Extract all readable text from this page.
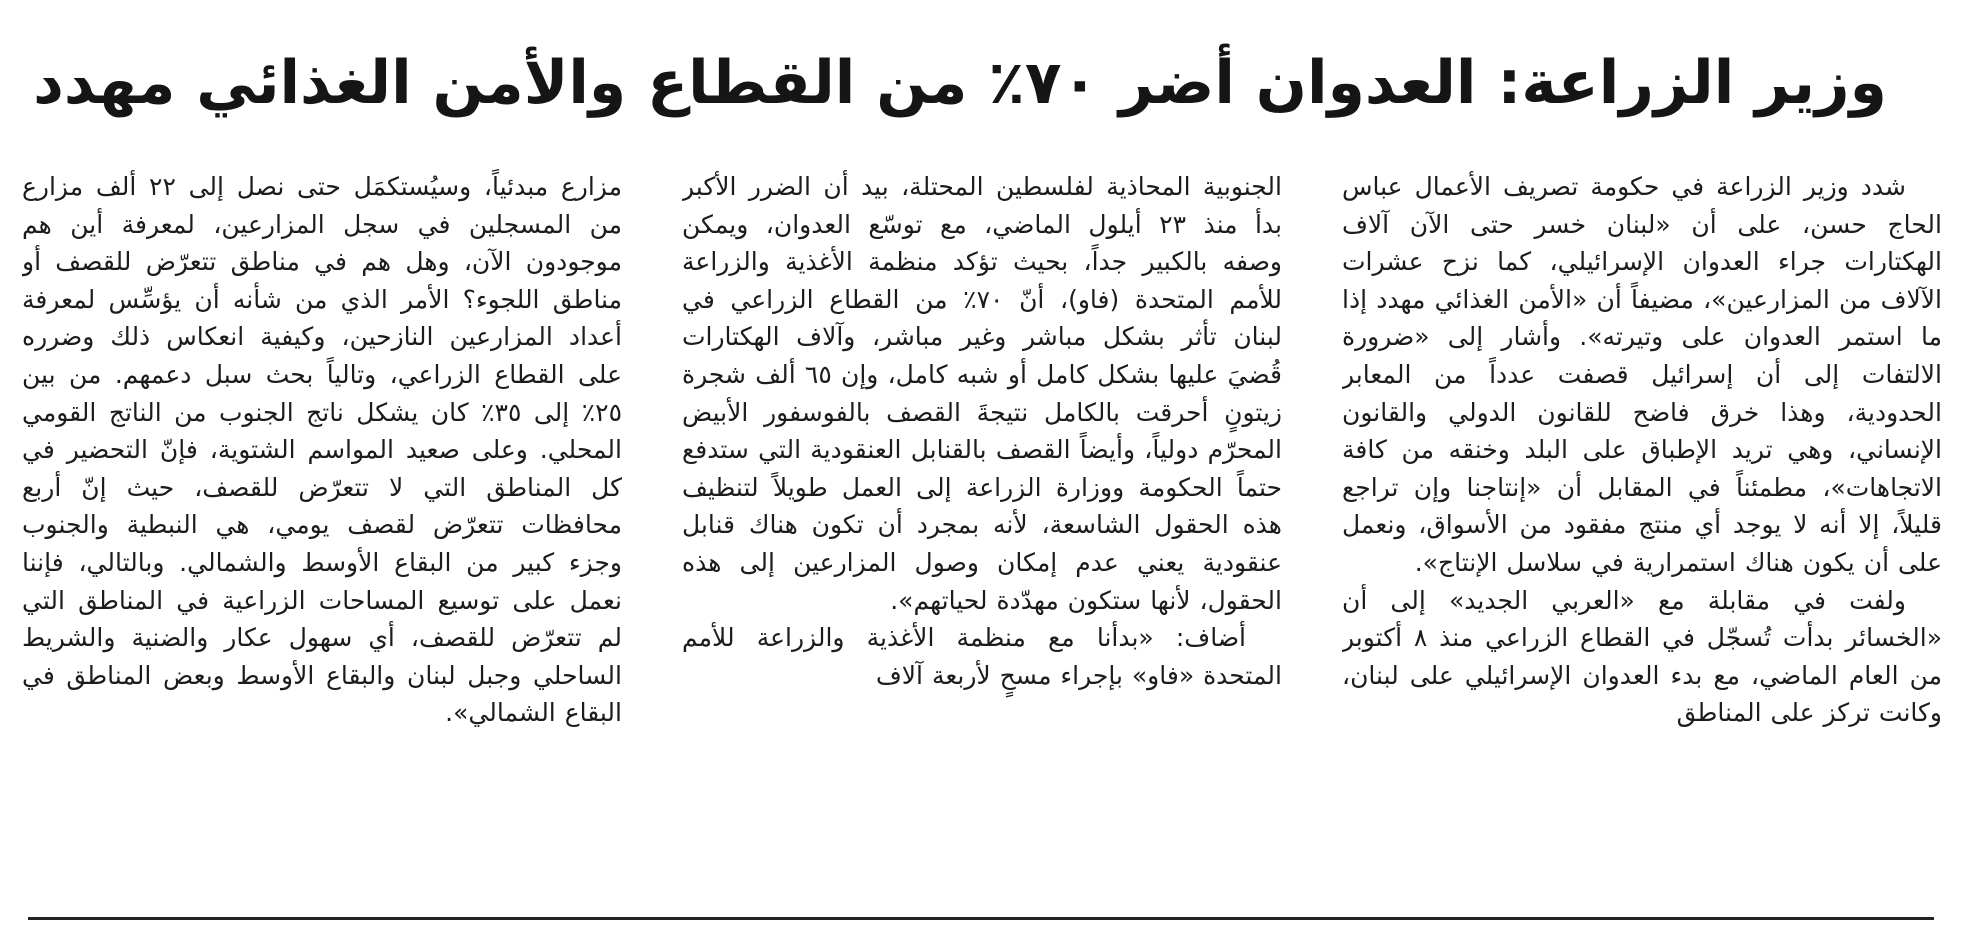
وزير الزراعة: العدوان أضر ٧٠٪ من القطاع والأمن الغذائي مهدد

شدد وزير الزراعة في حكومة تصريف الأعمال عباس الحاج حسن، على أن «لبنان خسر حتى الآن آلاف الهكتارات جراء العدوان الإسرائيلي، كما نزح عشرات الآلاف من المزارعين»، مضيفاً أن «الأمن الغذائي مهدد إذا ما استمر العدوان على وتيرته». وأشار إلى «ضرورة الالتفات إلى أن إسرائيل قصفت عدداً من المعابر الحدودية، وهذا خرق فاضح للقانون الدولي والقانون الإنساني، وهي تريد الإطباق على البلد وخنقه من كافة الاتجاهات»، مطمئناً في المقابل أن «إنتاجنا وإن تراجع قليلاً، إلا أنه لا يوجد أي منتج مفقود من الأسواق، ونعمل على أن يكون هناك استمرارية في سلاسل الإنتاج».

ولفت في مقابلة مع «العربي الجديد» إلى أن «الخسائر بدأت تُسجّل في القطاع الزراعي منذ ٨ أكتوبر من العام الماضي، مع بدء العدوان الإسرائيلي على لبنان، وكانت تركز على المناطق

الجنوبية المحاذية لفلسطين المحتلة، بيد أن الضرر الأكبر بدأ منذ ٢٣ أيلول الماضي، مع توسّع العدوان، ويمكن وصفه بالكبير جداً، بحيث تؤكد منظمة الأغذية والزراعة للأمم المتحدة (فاو)، أنّ ٧٠٪ من القطاع الزراعي في لبنان تأثر بشكل مباشر وغير مباشر، وآلاف الهكتارات قُضيَ عليها بشكل كامل أو شبه كامل، وإن ٦٥ ألف شجرة زيتونٍ أحرقت بالكامل نتيجةَ القصف بالفوسفور الأبيض المحرّم دولياً، وأيضاً القصف بالقنابل العنقودية التي ستدفع حتماً الحكومة ووزارة الزراعة إلى العمل طويلاً لتنظيف هذه الحقول الشاسعة، لأنه بمجرد أن تكون هناك قنابل عنقودية يعني عدم إمكان وصول المزارعين إلى هذه الحقول، لأنها ستكون مهدّدة لحياتهم».

أضاف: «بدأنا مع منظمة الأغذية والزراعة للأمم المتحدة «فاو» بإجراء مسحٍ لأربعة آلاف

مزارع مبدئياً، وسيُستكمَل حتى نصل إلى ٢٢ ألف مزارع من المسجلين في سجل المزارعين، لمعرفة أين هم موجودون الآن، وهل هم في مناطق تتعرّض للقصف أو مناطق اللجوء؟ الأمر الذي من شأنه أن يؤسِّس لمعرفة أعداد المزارعين النازحين، وكيفية انعكاس ذلك وضرره على القطاع الزراعي، وتالياً بحث سبل دعمهم. من بين ٢٥٪ إلى ٣٥٪ كان يشكل ناتج الجنوب من الناتج القومي المحلي. وعلى صعيد المواسم الشتوية، فإنّ التحضير في كل المناطق التي لا تتعرّض للقصف، حيث إنّ أربع محافظات تتعرّض لقصف يومي، هي النبطية والجنوب وجزء كبير من البقاع الأوسط والشمالي. وبالتالي، فإننا نعمل على توسيع المساحات الزراعية في المناطق التي لم تتعرّض للقصف، أي سهول عكار والضنية والشريط الساحلي وجبل لبنان والبقاع الأوسط وبعض المناطق في البقاع الشمالي».
